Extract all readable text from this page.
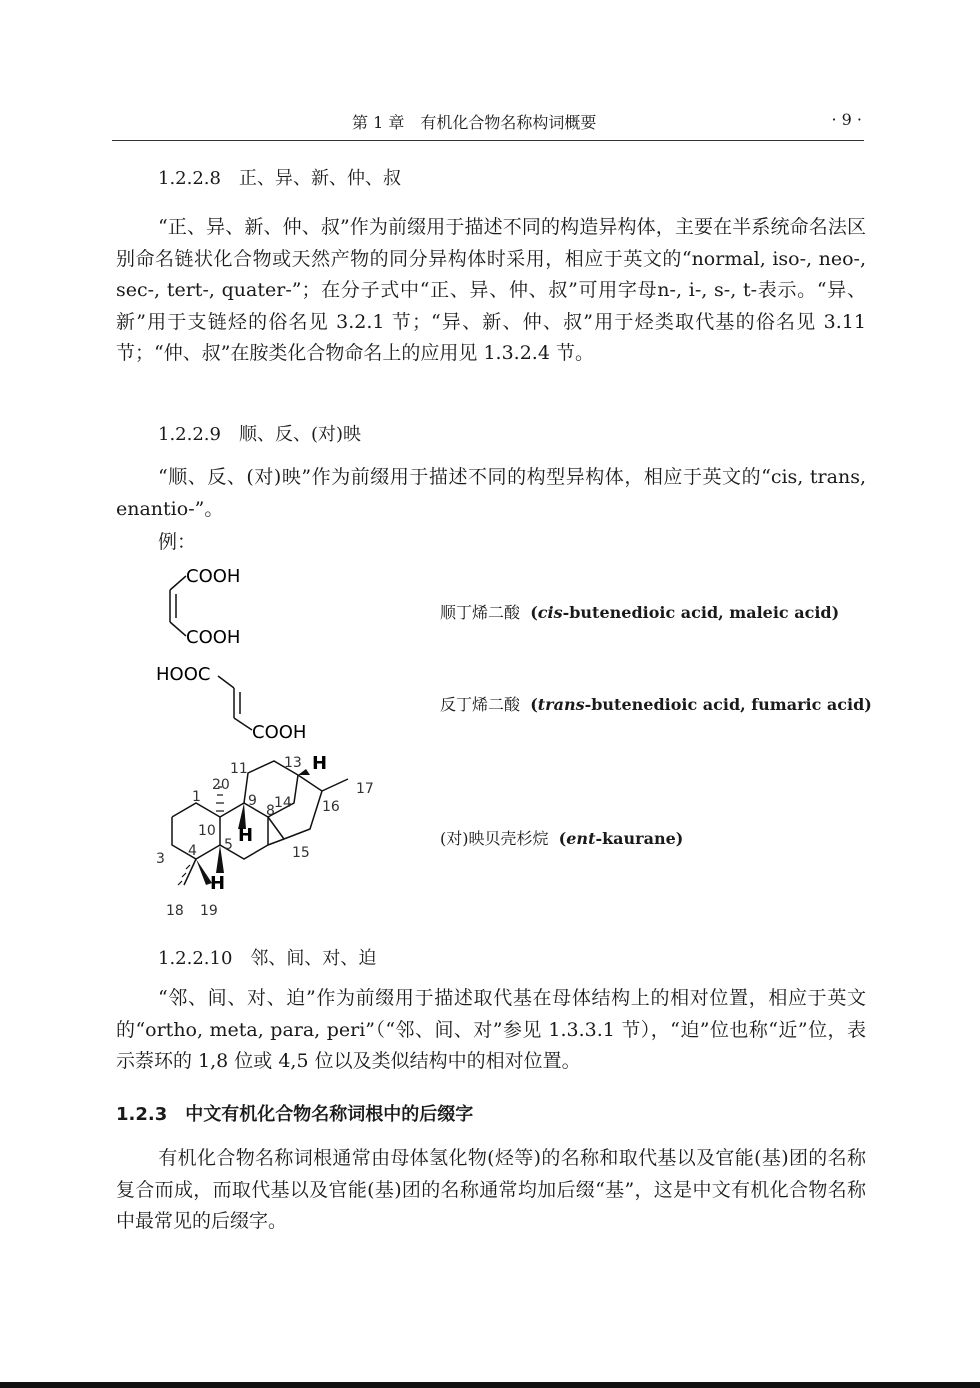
第 1 章　有机化合物名称构词概要	· 9 ·
1.2.2.8　正、异、新、仲、叔

“正、异、新、仲、叔”作为前缀用于描述不同的构造异构体，主要在半系统命名法区别命名链状化合物或天然产物的同分异构体时采用，相应于英文的“normal, iso-, neo-, sec-, tert-, quater-”；在分子式中“正、异、仲、叔”可用字母n-, i-, s-, t-表示。“异、新”用于支链烃的俗名见 3.2.1 节；“异、新、仲、叔”用于烃类取代基的俗名见 3.11 节；“仲、叔”在胺类化合物命名上的应用见 1.3.2.4 节。

1.2.2.9　顺、反、(对)映

“顺、反、(对)映”作为前缀用于描述不同的构型异构体，相应于英文的“cis, trans, enantio-”。

例：
COOH
COOH
顺丁烯二酸 (cis-butenedioic acid, maleic acid)
HOOC
COOH
反丁烯二酸 (trans-butenedioic acid, fumaric acid)
H
H
H
1
3 4 5
8
9
10
11	13
14
15
16
17
18 19
20
(对)映贝壳杉烷 (ent-kaurane)
1.2.2.10　邻、间、对、迫

“邻、间、对、迫”作为前缀用于描述取代基在母体结构上的相对位置，相应于英文的“ortho, meta, para, peri”（“邻、间、对”参见 1.3.3.1 节），“迫”位也称“近”位，表示萘环的 1,8 位或 4,5 位以及类似结构中的相对位置。

1.2.3　中文有机化合物名称词根中的后缀字

有机化合物名称词根通常由母体氢化物(烃等)的名称和取代基以及官能(基)团的名称复合而成，而取代基以及官能(基)团的名称通常均加后缀“基”，这是中文有机化合物名称中最常见的后缀字。
